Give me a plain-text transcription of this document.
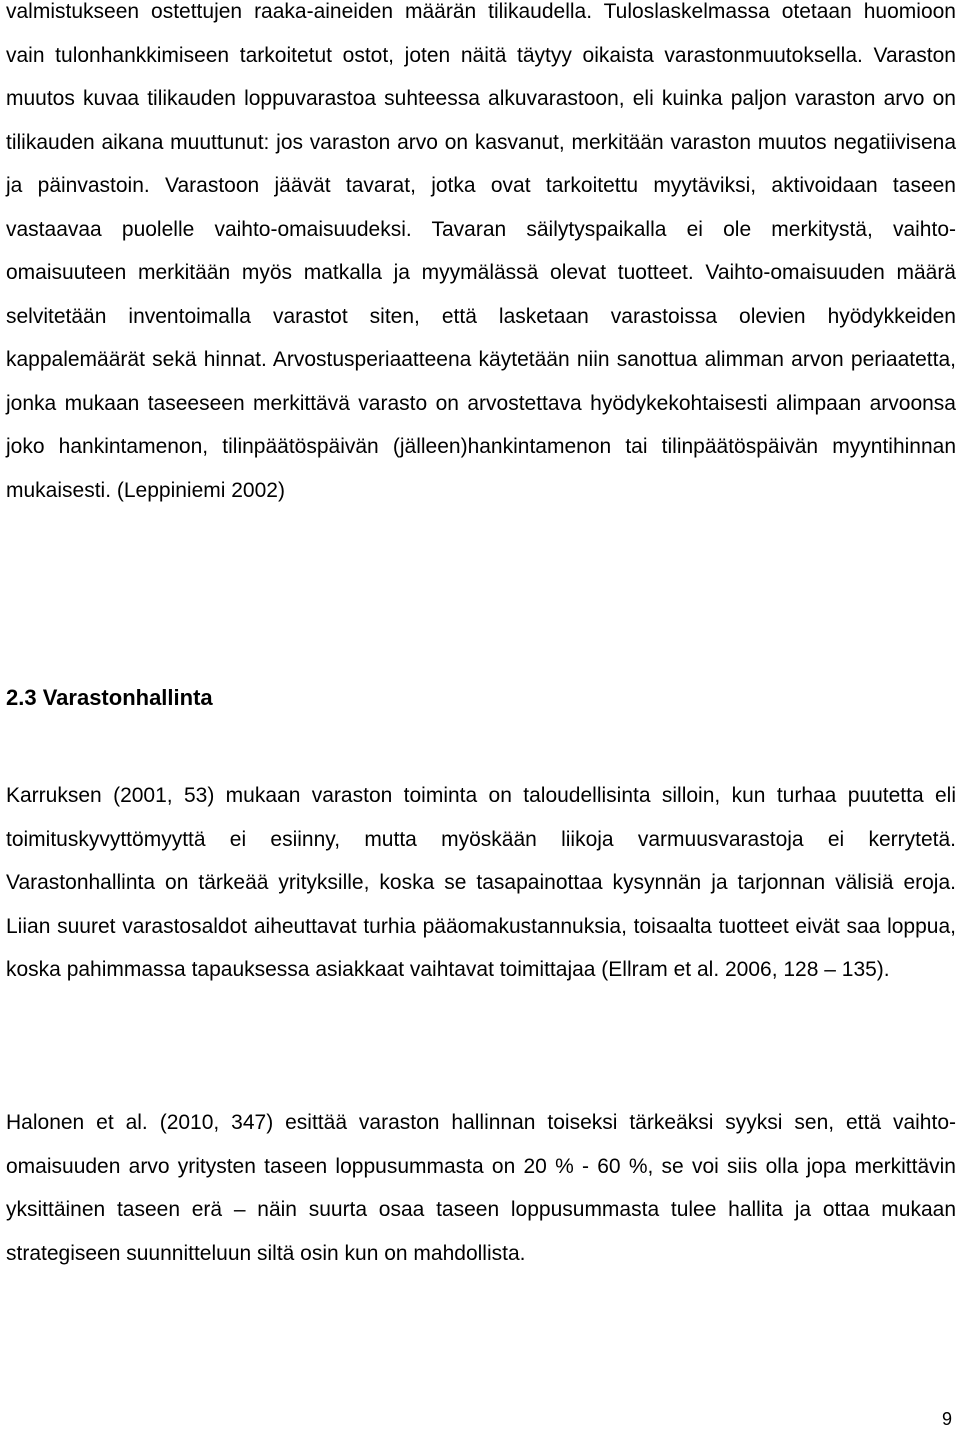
valmistukseen ostettujen raaka-aineiden määrän tilikaudella. Tuloslaskelmassa otetaan huomioon vain tulonhankkimiseen tarkoitetut ostot, joten näitä täytyy oikaista varastonmuutoksella. Varaston muutos kuvaa tilikauden loppuvarastoa suhteessa alkuvarastoon, eli kuinka paljon varaston arvo on tilikauden aikana muuttunut: jos varaston arvo on kasvanut, merkitään varaston muutos negatiivisena ja päinvastoin. Varastoon jäävät tavarat, jotka ovat tarkoitettu myytäviksi, aktivoidaan taseen vastaavaa puolelle vaihto-omaisuudeksi. Tavaran säilytyspaikalla ei ole merkitystä, vaihto-omaisuuteen merkitään myös matkalla ja myymälässä olevat tuotteet. Vaihto-omaisuuden määrä selvitetään inventoimalla varastot siten, että lasketaan varastoissa olevien hyödykkeiden kappalemäärät sekä hinnat. Arvostusperiaatteena käytetään niin sanottua alimman arvon periaatetta, jonka mukaan taseeseen merkittävä varasto on arvostettava hyödykekohtaisesti alimpaan arvoonsa joko hankintamenon, tilinpäätöspäivän (jälleen)hankintamenon tai tilinpäätöspäivän myyntihinnan mukaisesti. (Leppiniemi 2002)

2.3 Varastonhallinta

Karruksen (2001, 53) mukaan varaston toiminta on taloudellisinta silloin, kun turhaa puutetta eli toimituskyvyttömyyttä ei esiinny, mutta myöskään liikoja varmuusvarastoja ei kerrytetä. Varastonhallinta on tärkeää yrityksille, koska se tasapainottaa kysynnän ja tarjonnan välisiä eroja. Liian suuret varastosaldot aiheuttavat turhia pääomakustannuksia, toisaalta tuotteet eivät saa loppua, koska pahimmassa tapauksessa asiakkaat vaihtavat toimittajaa (Ellram et al. 2006, 128 – 135).

Halonen et al. (2010, 347) esittää varaston hallinnan toiseksi tärkeäksi syyksi sen, että vaihto-omaisuuden arvo yritysten taseen loppusummasta on 20 % - 60 %, se voi siis olla jopa merkittävin yksittäinen taseen erä – näin suurta osaa taseen loppusummasta tulee hallita ja ottaa mukaan strategiseen suunnitteluun siltä osin kun on mahdollista.

9
